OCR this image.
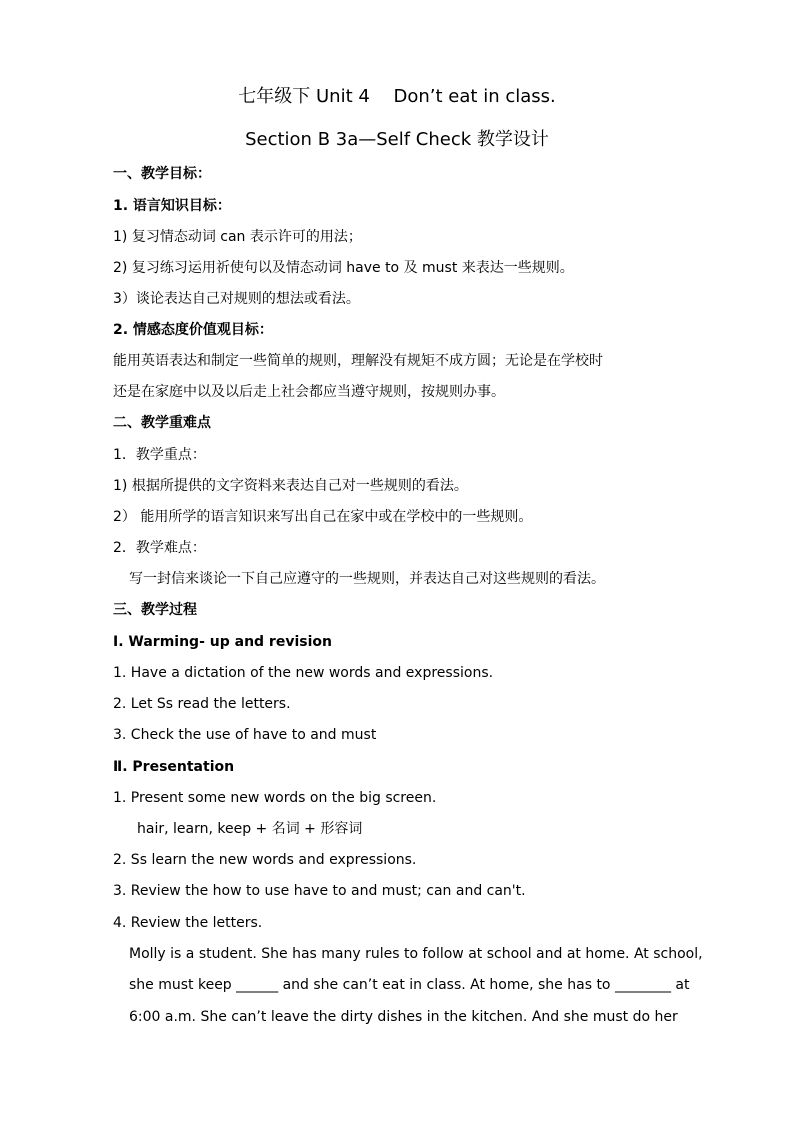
七年级下 Unit 4　 Don’t eat in class.
Section B 3a—Self Check 教学设计
一、教学目标：
1. 语言知识目标：
1) 复习情态动词 can 表示许可的用法；
2) 复习练习运用祈使句以及情态动词 have to 及 must 来表达一些规则。
3）谈论表达自己对规则的想法或看法。
2. 情感态度价值观目标：
能用英语表达和制定一些简单的规则，理解没有规矩不成方圆；无论是在学校时
还是在家庭中以及以后走上社会都应当遵守规则，按规则办事。
二、教学重难点
1．教学重点：
1) 根据所提供的文字资料来表达自己对一些规则的看法。
2） 能用所学的语言知识来写出自己在家中或在学校中的一些规则。
2．教学难点：
写一封信来谈论一下自己应遵守的一些规则，并表达自己对这些规则的看法。
三、教学过程
Ⅰ. Warming- up and revision
1. Have a dictation of the new words and expressions.
2. Let Ss read the letters.
3. Check the use of have to and must
Ⅱ. Presentation
1. Present some new words on the big screen.
hair, learn, keep + 名词 + 形容词
2. Ss learn the new words and expressions.
3. Review the how to use have to and must; can and can't.
4. Review the letters.
Molly is a student. She has many rules to follow at school and at home. At school,
she must keep ______ and she can’t eat in class. At home, she has to ________ at
6:00 a.m. She can’t leave the dirty dishes in the kitchen. And she must do her
